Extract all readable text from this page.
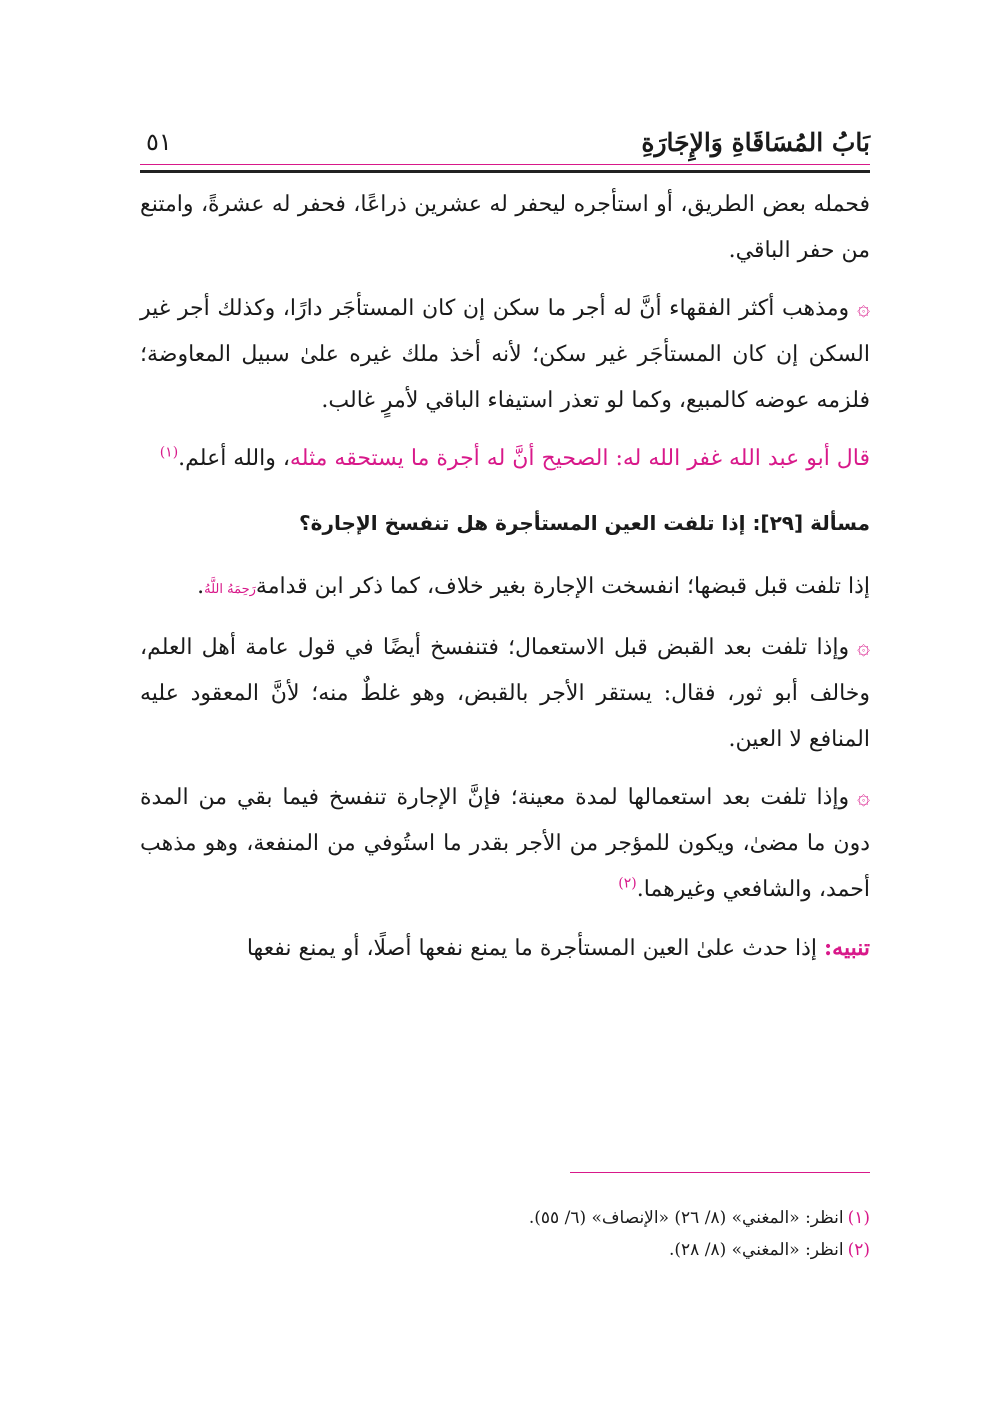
بَابُ المُسَاقَاةِ وَالإِجَارَةِ
٥١

فحمله بعض الطريق، أو استأجره ليحفر له عشرين ذراعًا، فحفر له عشرةً، وامتنع من حفر الباقي.

۞ومذهب أكثر الفقهاء أنَّ له أجر ما سكن إن كان المستأجَر دارًا، وكذلك أجر غير السكن إن كان المستأجَر غير سكن؛ لأنه أخذ ملك غيره علىٰ سبيل المعاوضة؛ فلزمه عوضه كالمبيع، وكما لو تعذر استيفاء الباقي لأمرٍ غالب.

قال أبو عبد الله غفر الله له: الصحيح أنَّ له أجرة ما يستحقه مثله، والله أعلم.$^{(١)}$

مسألة [٢٩]: إذا تلفت العين المستأجرة هل تنفسخ الإجارة؟

إذا تلفت قبل قبضها؛ انفسخت الإجارة بغير خلاف، كما ذكر ابن قدامةرَحِمَهُ اللَّهُ.

۞وإذا تلفت بعد القبض قبل الاستعمال؛ فتنفسخ أيضًا في قول عامة أهل العلم، وخالف أبو ثور، فقال: يستقر الأجر بالقبض، وهو غلطٌ منه؛ لأنَّ المعقود عليه المنافع لا العين.

۞وإذا تلفت بعد استعمالها لمدة معينة؛ فإنَّ الإجارة تنفسخ فيما بقي من المدة دون ما مضىٰ، ويكون للمؤجر من الأجر بقدر ما استُوفي من المنفعة، وهو مذهب أحمد، والشافعي وغيرهما.$^{(٢)}$

تنبيه: إذا حدث علىٰ العين المستأجرة ما يمنع نفعها أصلًا، أو يمنع نفعها

(١)انظر: «المغني» (٨/ ٢٦) «الإنصاف» (٦/ ٥٥).
(٢)انظر: «المغني» (٨/ ٢٨).
